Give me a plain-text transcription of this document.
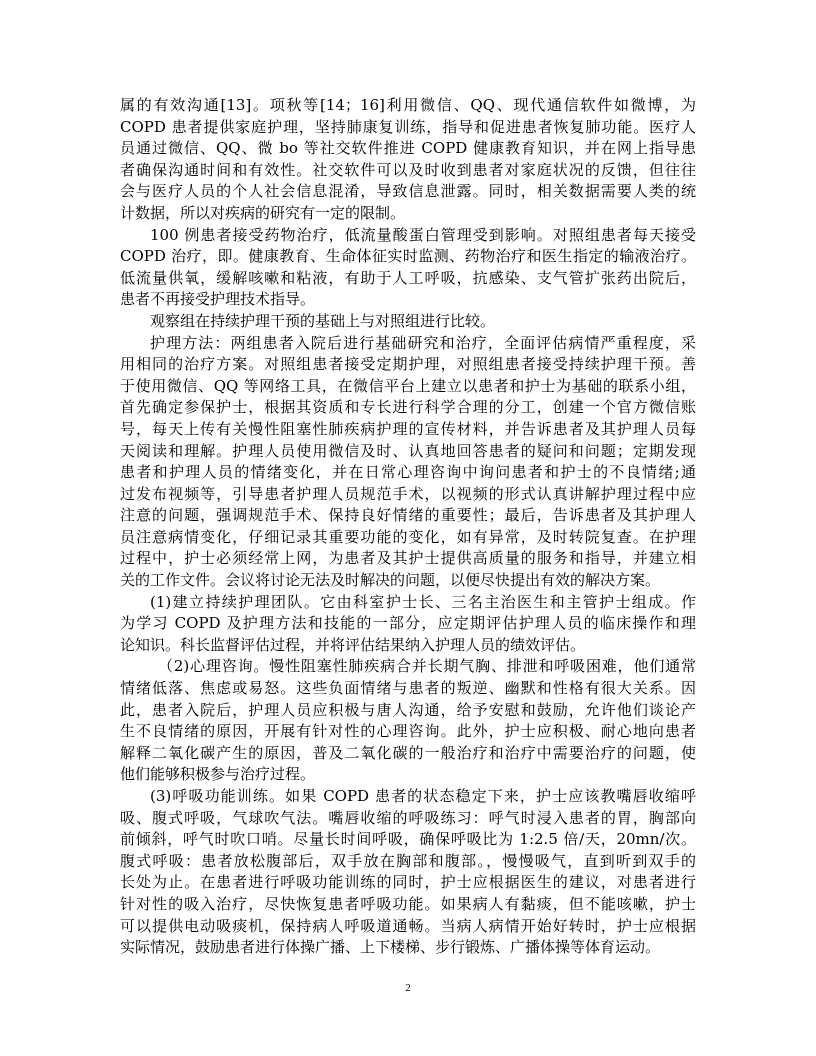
属的有效沟通[13]。项秋等[14；16]利用微信、QQ、现代通信软件如微博，为
COPD 患者提供家庭护理，坚持肺康复训练，指导和促进患者恢复肺功能。医疗人
员通过微信、QQ、微 bo 等社交软件推进 COPD 健康教育知识，并在网上指导患
者确保沟通时间和有效性。社交软件可以及时收到患者对家庭状况的反馈，但往往
会与医疗人员的个人社会信息混淆，导致信息泄露。同时，相关数据需要人类的统
计数据，所以对疾病的研究有一定的限制。
100 例患者接受药物治疗，低流量酸蛋白管理受到影响。对照组患者每天接受
COPD 治疗，即。健康教育、生命体征实时监测、药物治疗和医生指定的输液治疗。
低流量供氧，缓解咳嗽和粘液，有助于人工呼吸，抗感染、支气管扩张药出院后，
患者不再接受护理技术指导。
观察组在持续护理干预的基础上与对照组进行比较。
护理方法：两组患者入院后进行基础研究和治疗，全面评估病情严重程度，采
用相同的治疗方案。对照组患者接受定期护理，对照组患者接受持续护理干预。善
于使用微信、QQ 等网络工具，在微信平台上建立以患者和护士为基础的联系小组，
首先确定参保护士，根据其资质和专长进行科学合理的分工，创建一个官方微信账
号，每天上传有关慢性阻塞性肺疾病护理的宣传材料，并告诉患者及其护理人员每
天阅读和理解。护理人员使用微信及时、认真地回答患者的疑问和问题；定期发现
患者和护理人员的情绪变化，并在日常心理咨询中询问患者和护士的不良情绪;通
过发布视频等，引导患者护理人员规范手术，以视频的形式认真讲解护理过程中应
注意的问题，强调规范手术、保持良好情绪的重要性；最后，告诉患者及其护理人
员注意病情变化，仔细记录其重要功能的变化，如有异常，及时转院复查。在护理
过程中，护士必须经常上网，为患者及其护士提供高质量的服务和指导，并建立相
关的工作文件。会议将讨论无法及时解决的问题，以便尽快提出有效的解决方案。
(1)建立持续护理团队。它由科室护士长、三名主治医生和主管护士组成。作
为学习 COPD 及护理方法和技能的一部分，应定期评估护理人员的临床操作和理
论知识。科长监督评估过程，并将评估结果纳入护理人员的绩效评估。
（2)心理咨询。慢性阻塞性肺疾病合并长期气胸、排泄和呼吸困难，他们通常
情绪低落、焦虑或易怒。这些负面情绪与患者的叛逆、幽默和性格有很大关系。因
此，患者入院后，护理人员应积极与唐人沟通，给予安慰和鼓励，允许他们谈论产
生不良情绪的原因，开展有针对性的心理咨询。此外，护士应积极、耐心地向患者
解释二氧化碳产生的原因，普及二氧化碳的一般治疗和治疗中需要治疗的问题，使
他们能够积极参与治疗过程。
(3)呼吸功能训练。如果 COPD 患者的状态稳定下来，护士应该教嘴唇收缩呼
吸、腹式呼吸，气球吹气法。嘴唇收缩的呼吸练习：呼气时浸入患者的胃，胸部向
前倾斜，呼气时吹口哨。尽量长时间呼吸，确保呼吸比为 1:2.5 倍/天，20mn/次。
腹式呼吸：患者放松腹部后，双手放在胸部和腹部。，慢慢吸气，直到听到双手的
长处为止。在患者进行呼吸功能训练的同时，护士应根据医生的建议，对患者进行
针对性的吸入治疗，尽快恢复患者呼吸功能。如果病人有黏痰，但不能咳嗽，护士
可以提供电动吸痰机，保持病人呼吸道通畅。当病人病情开始好转时，护士应根据
实际情况，鼓励患者进行体操广播、上下楼梯、步行锻炼、广播体操等体育运动。
2
